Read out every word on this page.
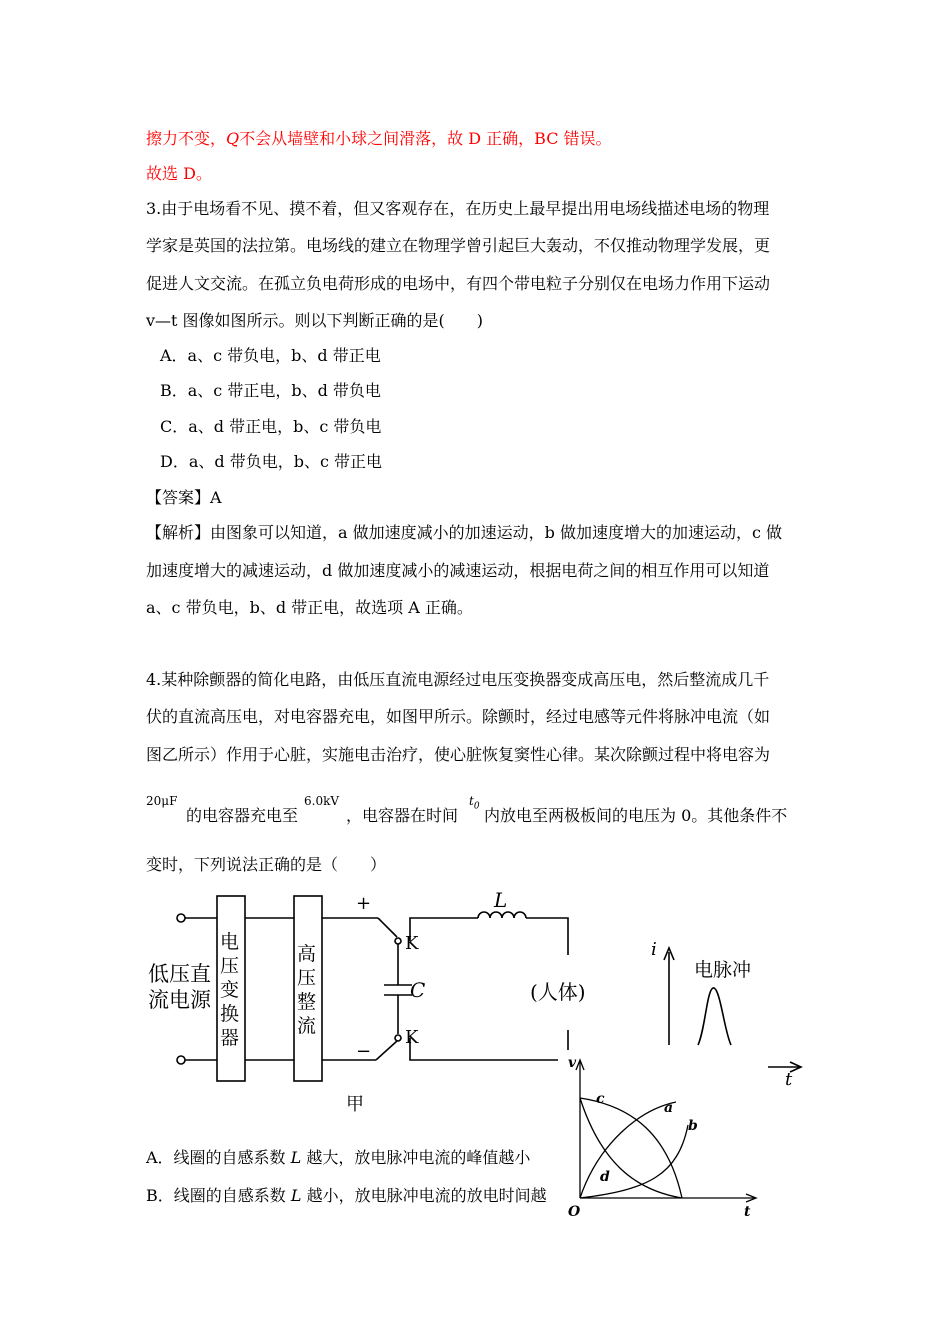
擦力不变，Q不会从墙壁和小球之间滑落，故 D 正确，BC 错误。
故选 D。
3.由于电场看不见、摸不着，但又客观存在，在历史上最早提出用电场线描述电场的物理
学家是英国的法拉第。电场线的建立在物理学曾引起巨大轰动，不仅推动物理学发展，更
促进人文交流。在孤立负电荷形成的电场中，有四个带电粒子分别仅在电场力作用下运动
v—t 图像如图所示。则以下判断正确的是(　　)
A．a、c 带负电，b、d 带正电
B．a、c 带正电，b、d 带负电
C．a、d 带正电，b、c 带负电
D．a、d 带负电，b、c 带正电
【答案】A
【解析】由图象可以知道，a 做加速度减小的加速运动，b 做加速度增大的加速运动，c 做
加速度增大的减速运动，d 做加速度减小的减速运动，根据电荷之间的相互作用可以知道
a、c 带负电，b、d 带正电，故选项 A 正确。
4.某种除颤器的简化电路，由低压直流电源经过电压变换器变成高压电，然后整流成几千
伏的直流高压电，对电容器充电，如图甲所示。除颤时，经过电感等元件将脉冲电流（如
图乙所示）作用于心脏，实施电击治疗，使心脏恢复窦性心律。某次除颤过程中将电容为
20μF
的电容器充电至
6.0kV
，电容器在时间
$t_0$ 内放电至两极板间的电压为 0。其他条件不
变时，下列说法正确的是（　　）
低压直
流电源
电
压
变
换
器
高
压
整
流
+
−
K
K
C
L
(人体)
甲
i
电脉冲
t
A．线圈的自感系数 L 越大，放电脉冲电流的峰值越小
B．线圈的自感系数 L 越小，放电脉冲电流的放电时间越
v
c
a
b
d
O	t
